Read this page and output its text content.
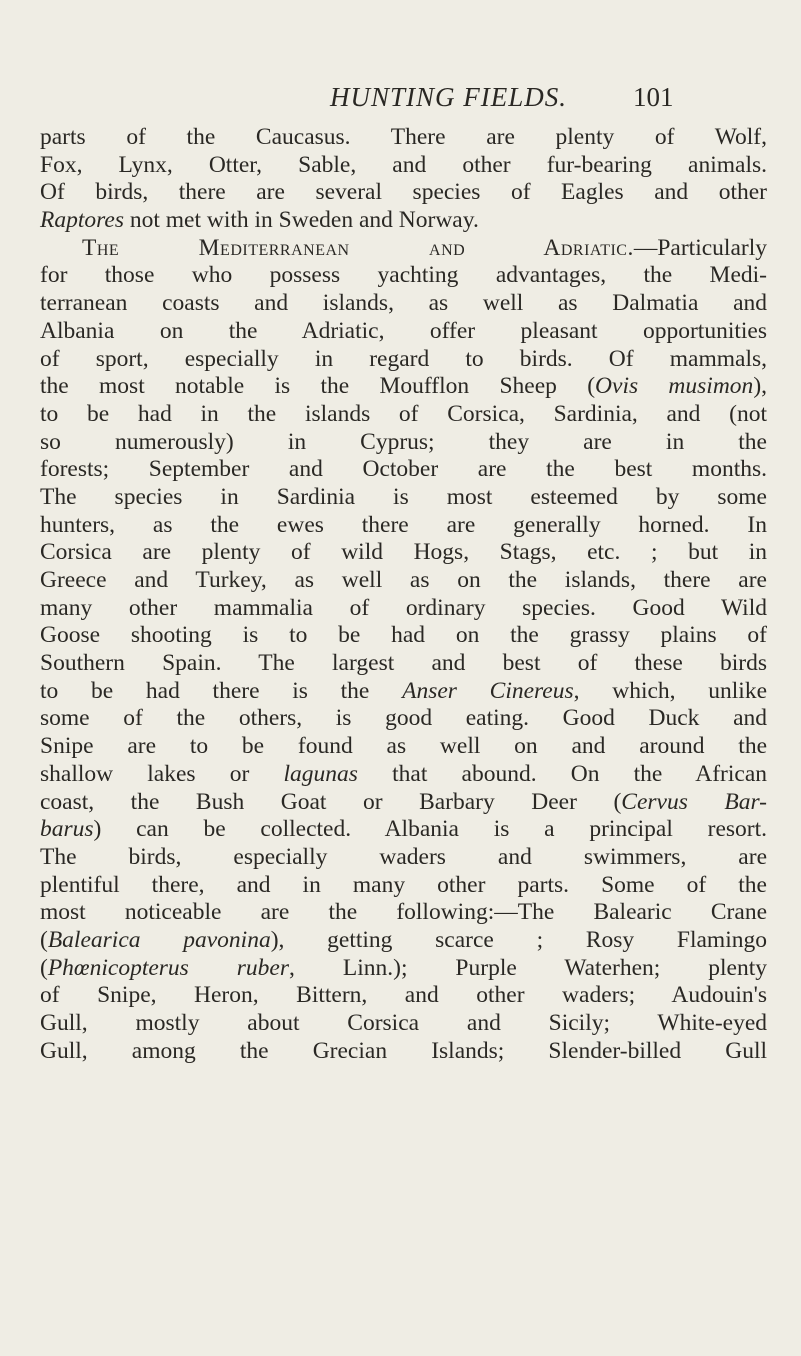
HUNTING FIELDS. 101
parts of the Caucasus. There are plenty of Wolf,
Fox, Lynx, Otter, Sable, and other fur-bearing animals.
Of birds, there are several species of Eagles and other
Raptores not met with in Sweden and Norway.
The Mediterranean and Adriatic.—Particularly
for those who possess yachting advantages, the Medi-
terranean coasts and islands, as well as Dalmatia and
Albania on the Adriatic, offer pleasant opportunities
of sport, especially in regard to birds. Of mammals,
the most notable is the Moufflon Sheep (Ovis musimon),
to be had in the islands of Corsica, Sardinia, and (not
so numerously) in Cyprus; they are in the
forests; September and October are the best months.
The species in Sardinia is most esteemed by some
hunters, as the ewes there are generally horned. In
Corsica are plenty of wild Hogs, Stags, etc. ; but in
Greece and Turkey, as well as on the islands, there are
many other mammalia of ordinary species. Good Wild
Goose shooting is to be had on the grassy plains of
Southern Spain. The largest and best of these birds
to be had there is the Anser Cinereus, which, unlike
some of the others, is good eating. Good Duck and
Snipe are to be found as well on and around the
shallow lakes or lagunas that abound. On the African
coast, the Bush Goat or Barbary Deer (Cervus Bar-
barus) can be collected. Albania is a principal resort.
The birds, especially waders and swimmers, are
plentiful there, and in many other parts. Some of the
most noticeable are the following:—The Balearic Crane
(Balearica pavonina), getting scarce ; Rosy Flamingo
(Phœnicopterus ruber, Linn.); Purple Waterhen; plenty
of Snipe, Heron, Bittern, and other waders; Audouin's
Gull, mostly about Corsica and Sicily; White-eyed
Gull, among the Grecian Islands; Slender-billed Gull
